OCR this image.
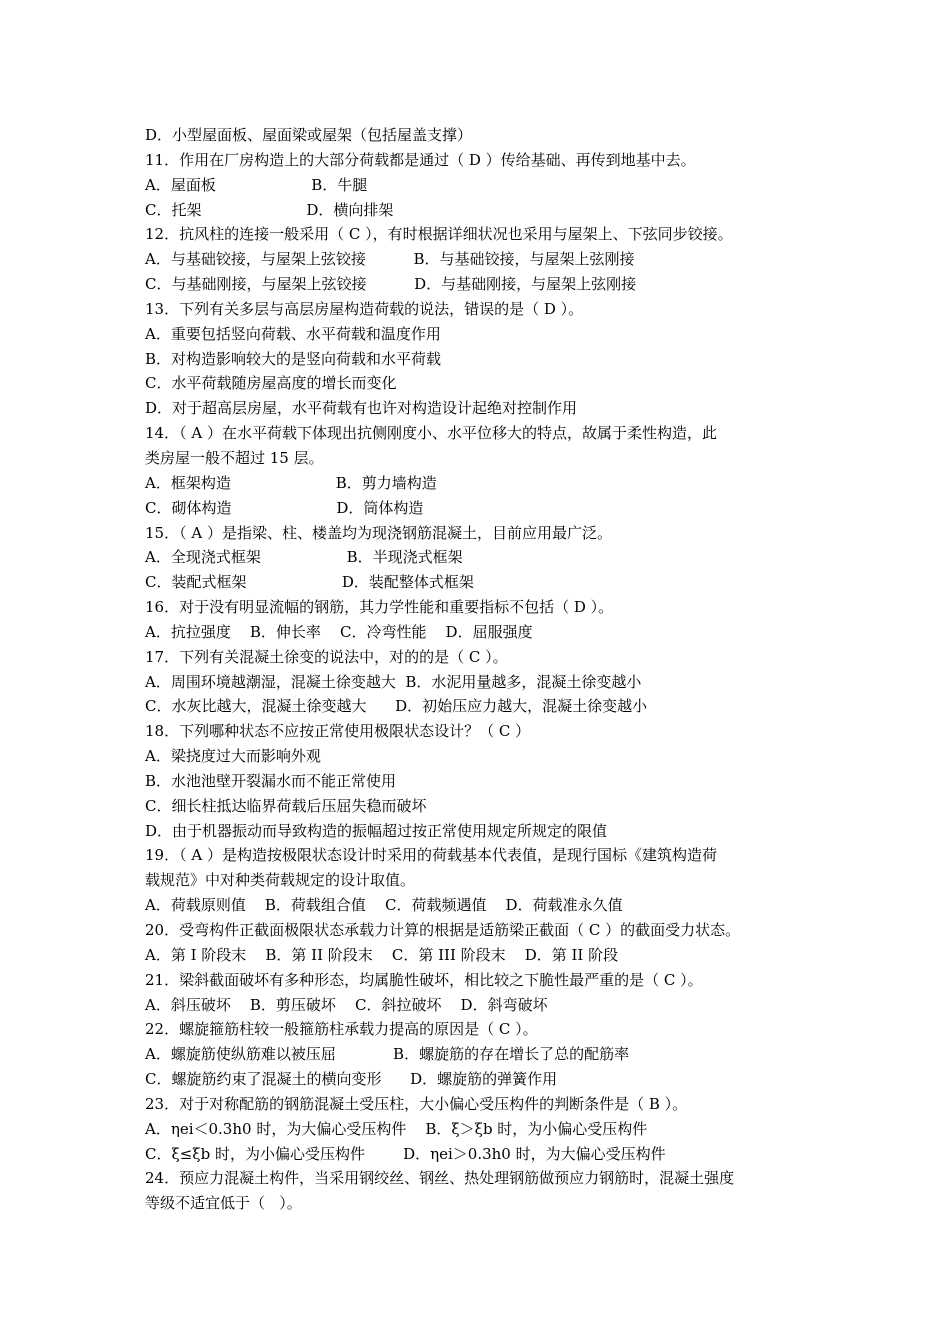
D．小型屋面板、屋面梁或屋架（包括屋盖支撑）
11．作用在厂房构造上的大部分荷载都是通过（ D ）传给基础、再传到地基中去。
A．屋面板                    B．牛腿
C．托架                      D．横向排架
12．抗风柱的连接一般采用（ C ），有时根据详细状况也采用与屋架上、下弦同步铰接。
A．与基础铰接，与屋架上弦铰接          B．与基础铰接，与屋架上弦刚接
C．与基础刚接，与屋架上弦铰接          D．与基础刚接，与屋架上弦刚接
13．下列有关多层与高层房屋构造荷载的说法，错误的是（ D ）。
A．重要包括竖向荷载、水平荷载和温度作用
B．对构造影响较大的是竖向荷载和水平荷载
C．水平荷载随房屋高度的增长而变化
D．对于超高层房屋，水平荷载有也许对构造设计起绝对控制作用
14．（ A ）在水平荷载下体现出抗侧刚度小、水平位移大的特点，故属于柔性构造，此
类房屋一般不超过 15 层。
A．框架构造                      B．剪力墙构造
C．砌体构造                      D．筒体构造
15．（ A ）是指梁、柱、楼盖均为现浇钢筋混凝土，目前应用最广泛。
A．全现浇式框架                  B．半现浇式框架
C．装配式框架                    D．装配整体式框架
16．对于没有明显流幅的钢筋，其力学性能和重要指标不包括（ D ）。
A．抗拉强度    B．伸长率    C．冷弯性能    D．屈服强度
17．下列有关混凝土徐变的说法中，对的的是（ C ）。
A．周围环境越潮湿，混凝土徐变越大  B．水泥用量越多，混凝土徐变越小
C．水灰比越大，混凝土徐变越大      D．初始压应力越大，混凝土徐变越小
18．下列哪种状态不应按正常使用极限状态设计？（ C ）
A．梁挠度过大而影响外观
B．水池池壁开裂漏水而不能正常使用
C．细长柱抵达临界荷载后压屈失稳而破坏
D．由于机器振动而导致构造的振幅超过按正常使用规定所规定的限值
19．（ A ）是构造按极限状态设计时采用的荷载基本代表值，是现行国标《建筑构造荷
载规范》中对种类荷载规定的设计取值。
A．荷载原则值    B．荷载组合值    C．荷载频遇值    D．荷载准永久值
20．受弯构件正截面极限状态承载力计算的根据是适筋梁正截面（ C ）的截面受力状态。
A．第 I 阶段末    B．第 II 阶段末    C．第 III 阶段末    D．第 II 阶段
21．梁斜截面破坏有多种形态，均属脆性破坏，相比较之下脆性最严重的是（ C ）。
A．斜压破坏    B．剪压破坏    C．斜拉破坏    D．斜弯破坏
22．螺旋箍筋柱较一般箍筋柱承载力提高的原因是（ C ）。
A．螺旋筋使纵筋难以被压屈            B．螺旋筋的存在增长了总的配筋率
C．螺旋筋约束了混凝土的横向变形      D．螺旋筋的弹簧作用
23．对于对称配筋的钢筋混凝土受压柱，大小偏心受压构件的判断条件是（ B ）。
A．ηei＜0.3h0 时，为大偏心受压构件    B．ξ＞ξb 时，为小偏心受压构件
C．ξ≤ξb 时，为小偏心受压构件        D．ηei＞0.3h0 时，为大偏心受压构件
24．预应力混凝土构件，当采用钢绞丝、钢丝、热处理钢筋做预应力钢筋时，混凝土强度
等级不适宜低于（   ）。
